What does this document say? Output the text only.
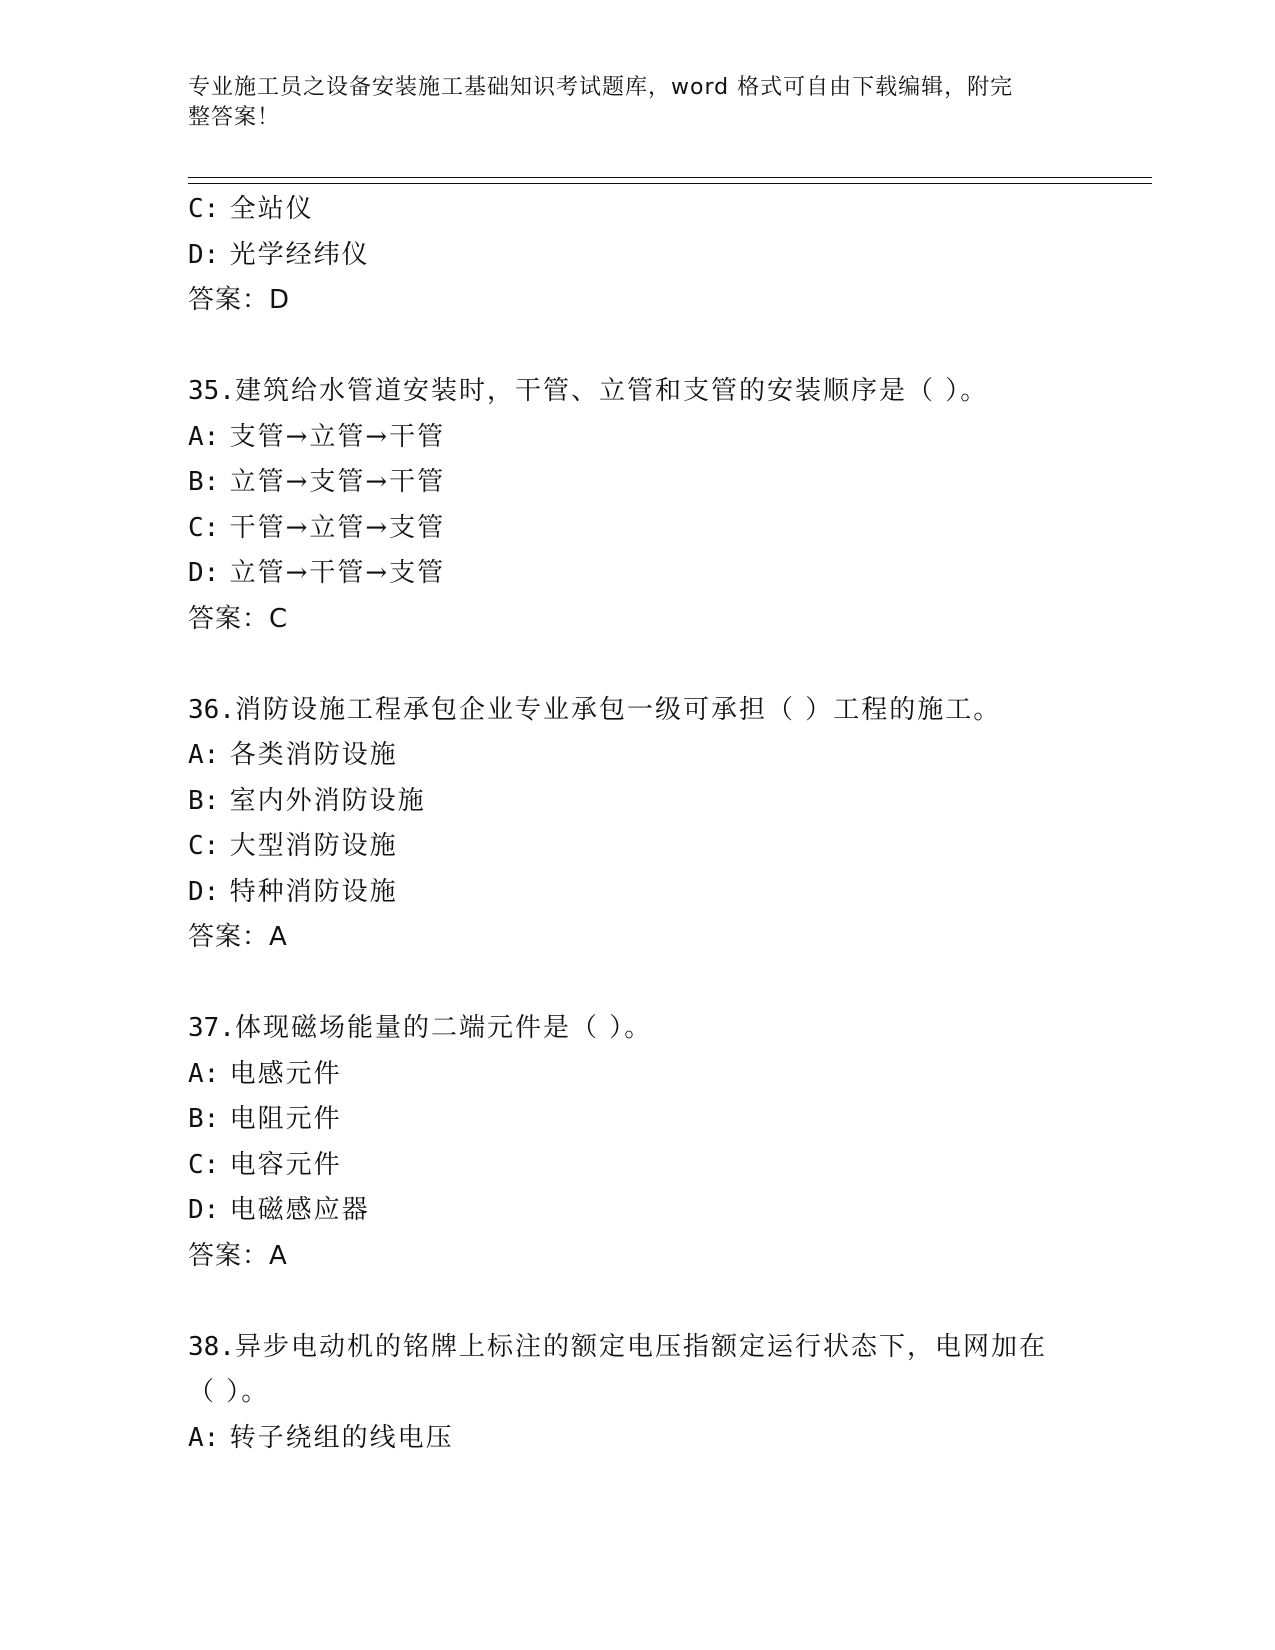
专业施工员之设备安装施工基础知识考试题库，word 格式可自由下载编辑，附完
整答案！
C: 全站仪
D: 光学经纬仪
答案：D
35.建筑给水管道安装时，干管、立管和支管的安装顺序是（ ）。
A: 支管→立管→干管
B: 立管→支管→干管
C: 干管→立管→支管
D: 立管→干管→支管
答案：C
36.消防设施工程承包企业专业承包一级可承担（ ）工程的施工。
A: 各类消防设施
B: 室内外消防设施
C: 大型消防设施
D: 特种消防设施
答案：A
37.体现磁场能量的二端元件是（ ）。
A: 电感元件
B: 电阻元件
C: 电容元件
D: 电磁感应器
答案：A
38.异步电动机的铭牌上标注的额定电压指额定运行状态下，电网加在
（ ）。
A: 转子绕组的线电压
